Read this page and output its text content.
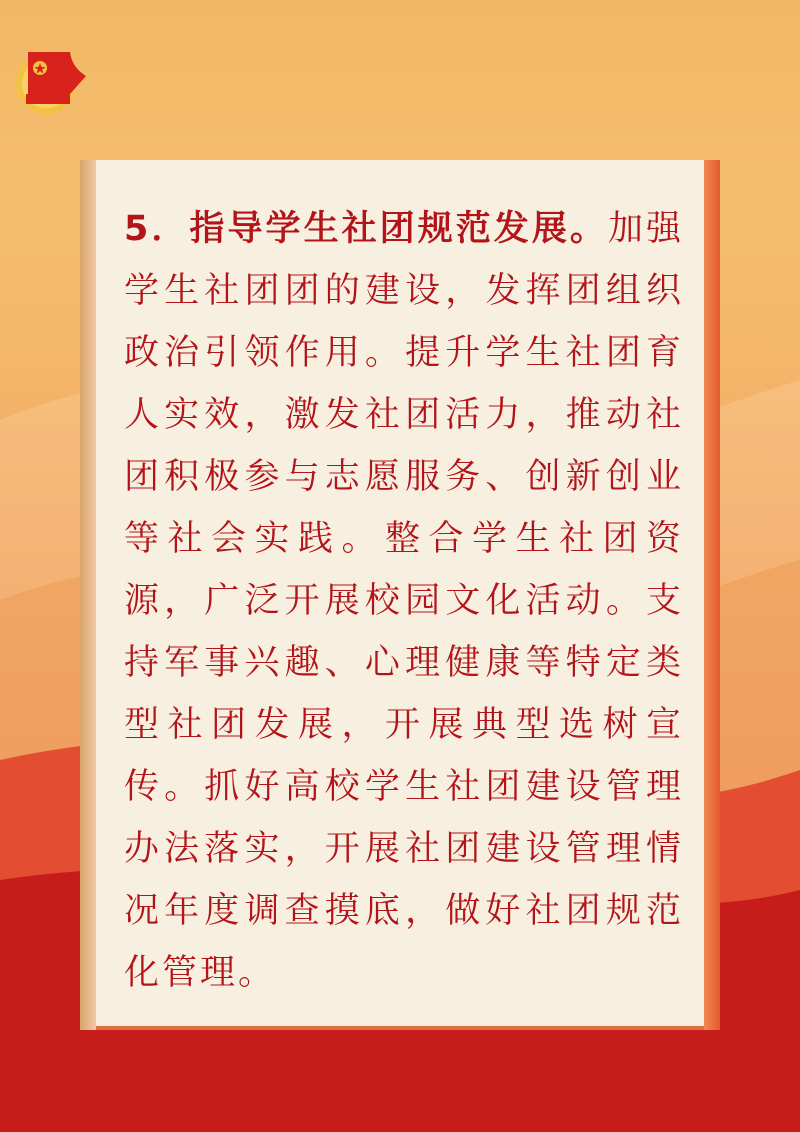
5．指导学生社团规范发展。加强学生社团团的建设，发挥团组织政治引领作用。提升学生社团育人实效，激发社团活力，推动社团积极参与志愿服务、创新创业等社会实践。整合学生社团资源，广泛开展校园文化活动。支持军事兴趣、心理健康等特定类型社团发展，开展典型选树宣传。抓好高校学生社团建设管理办法落实，开展社团建设管理情况年度调查摸底，做好社团规范化管理。
